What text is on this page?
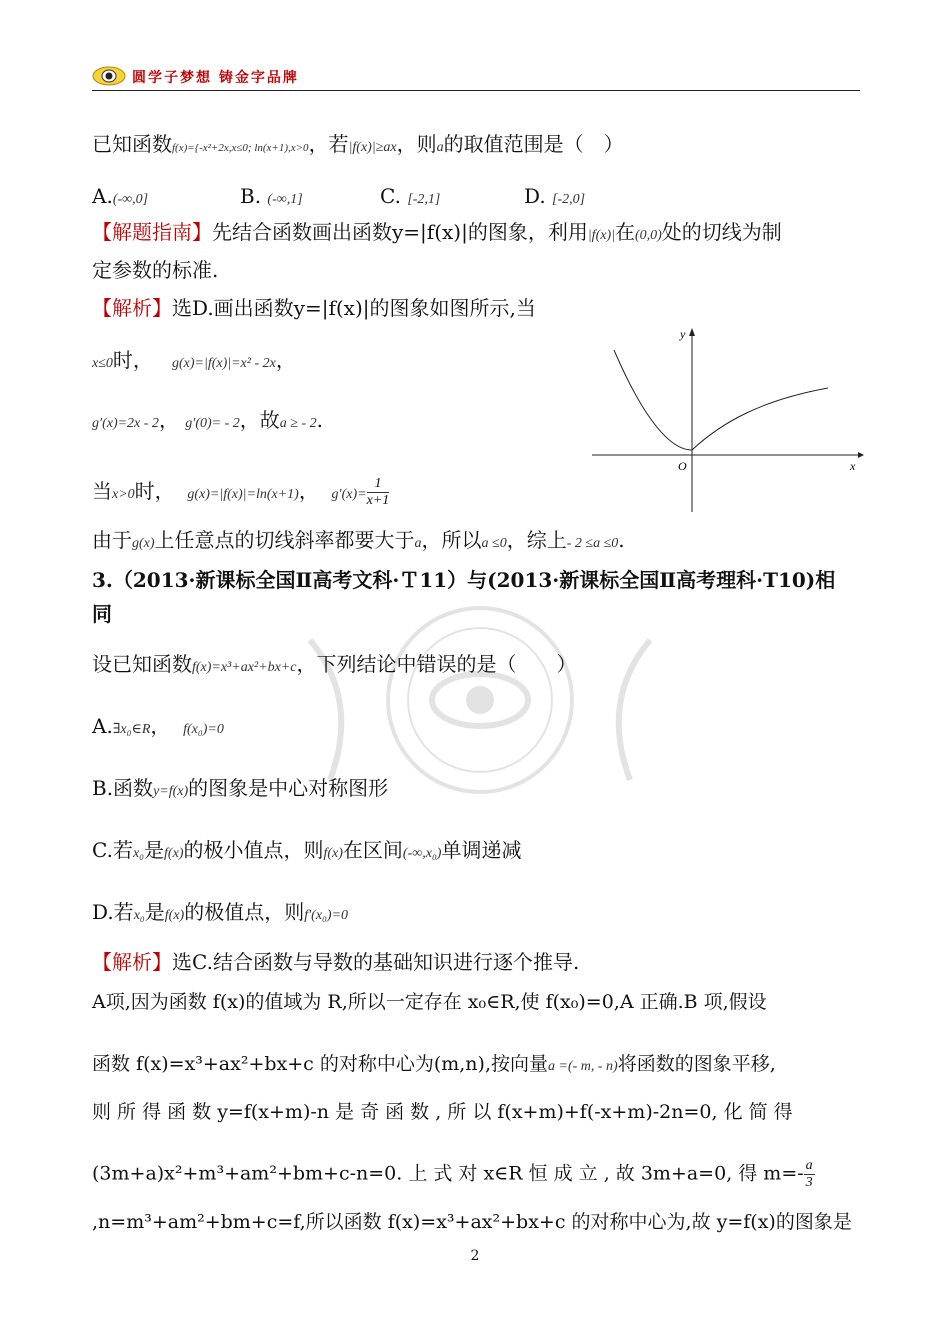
圆学子梦想 铸金字品牌
已知函数f(x)={-x²+2x,x≤0; ln(x+1),x>0，若|f(x)|≥ax，则a的取值范围是（　）
A.(-∞,0]	B. (-∞,1]	C. [-2,1]	D. [-2,0]
【解题指南】先结合函数画出函数y=|f(x)|的图象，利用|f(x)|在(0,0)处的切线为制
定参数的标准.
【解析】选D.画出函数y=|f(x)|的图象如图所示,当
x≤0时， g(x)=|f(x)|=x² - 2x，
g′(x)=2x - 2， g′(0)= - 2，故a ≥ - 2.
当x>0时， g(x)=|f(x)|=ln(x+1)， $g'(x)= \frac{1}{x+1}$
由于g(x)上任意点的切线斜率都要大于a，所以a ≤0，综上- 2 ≤a ≤0.
y
x
O
3.（2013·新课标全国Ⅱ高考文科·Ｔ11）与(2013·新课标全国Ⅱ高考理科·T10)相
同
设已知函数f(x)=x³+ax²+bx+c，下列结论中错误的是（　　）
A.∃x₀∈R， f(x₀)=0
B.函数y=f(x)的图象是中心对称图形
C.若x₀是f(x)的极小值点，则f(x)在区间(-∞,x₀)单调递减
D.若x₀是f(x)的极值点，则f′(x₀)=0
【解析】选C.结合函数与导数的基础知识进行逐个推导.
A项,因为函数 f(x)的值域为 R,所以一定存在 x₀∈R,使 f(x₀)=0,A 正确.B 项,假设
函数 f(x)=x³+ax²+bx+c 的对称中心为(m,n),按向量a =(- m, - n)将函数的图象平移,
则 所 得 函 数 y=f(x+m)-n 是 奇 函 数 , 所 以 f(x+m)+f(-x+m)-2n=0, 化 简 得
(3m+a)x²+m³+am²+bm+c-n=0. 上 式 对 x∈R 恒 成 立 , 故 3m+a=0, 得 $m=- \frac{a}{3}$
,n=m³+am²+bm+c=f,所以函数 f(x)=x³+ax²+bx+c 的对称中心为,故 y=f(x)的图象是
2
